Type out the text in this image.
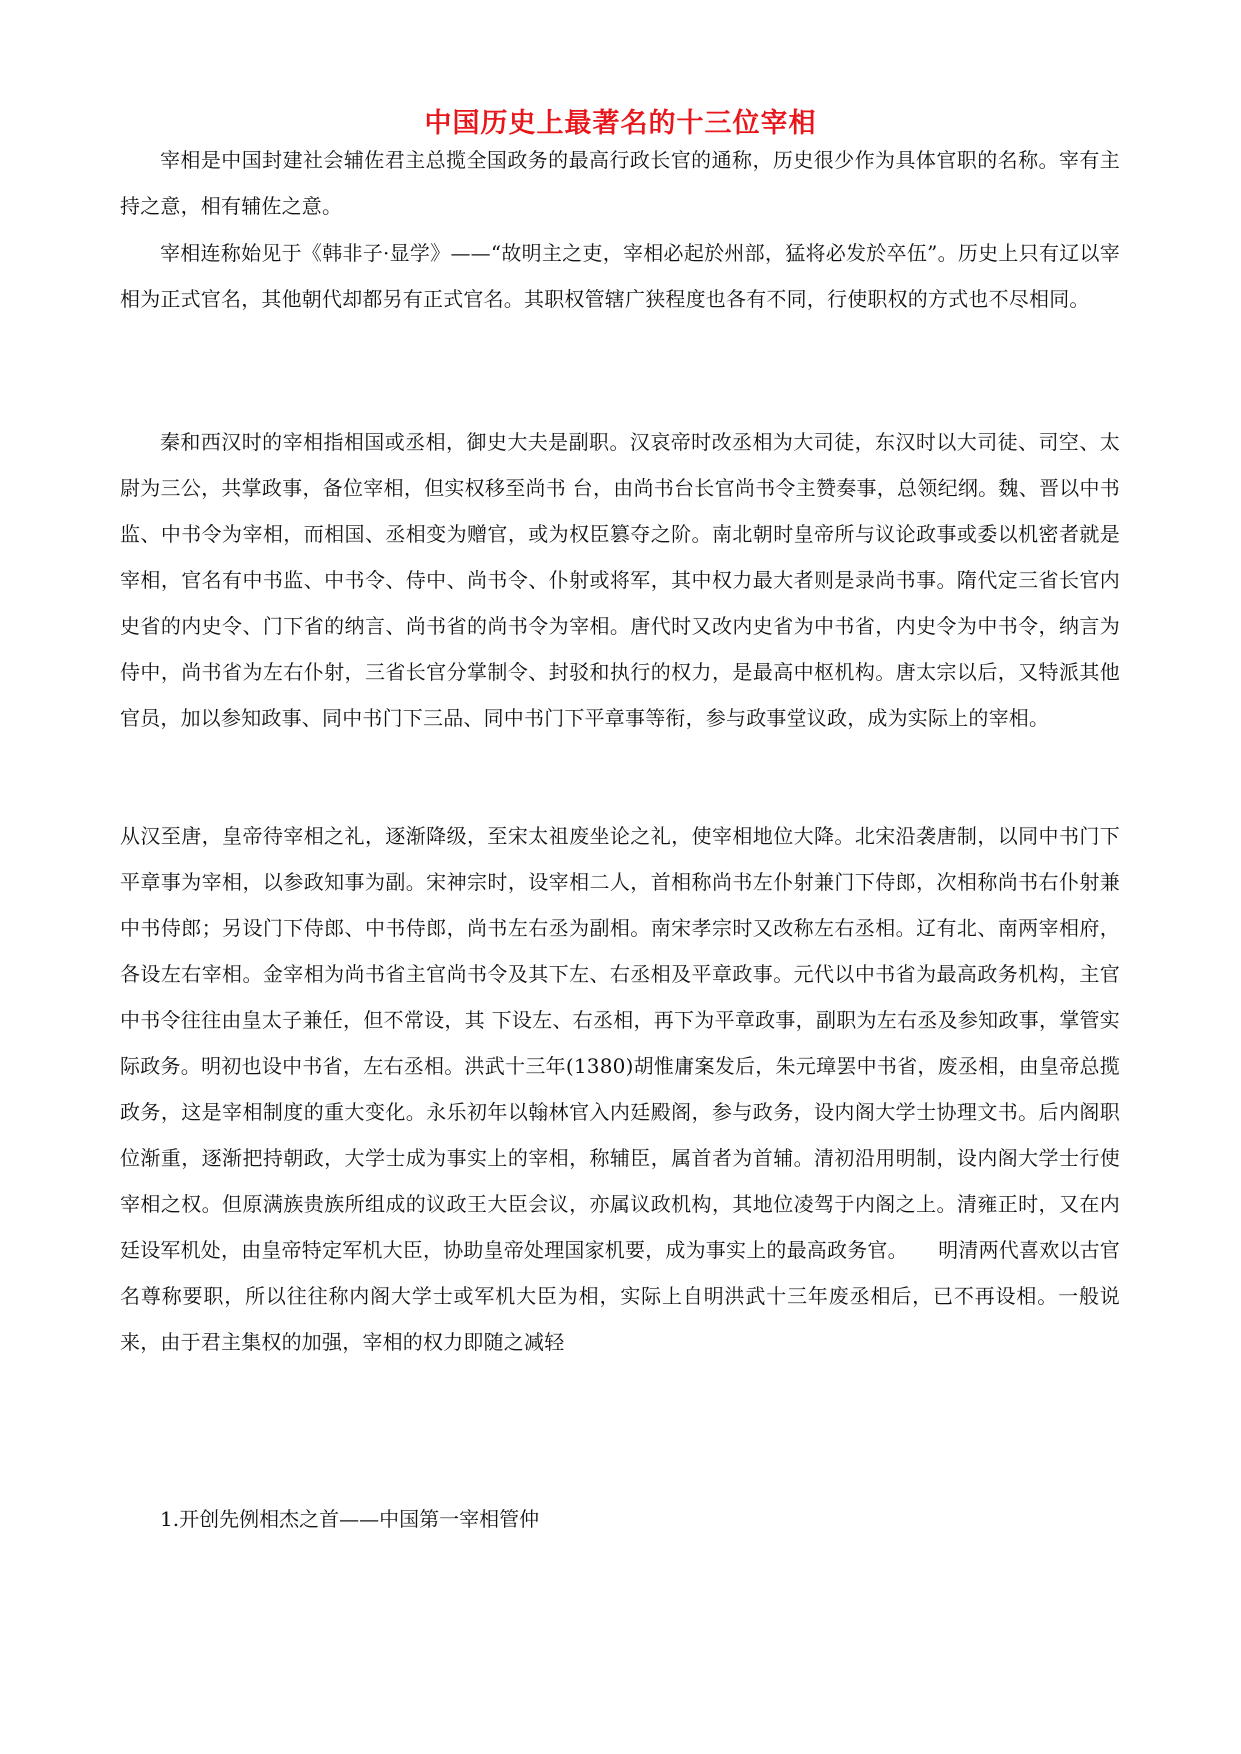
中国历史上最著名的十三位宰相

宰相是中国封建社会辅佐君主总揽全国政务的最高行政长官的通称，历史很少作为具体官职的名称。宰有主持之意，相有辅佐之意。

宰相连称始见于《韩非子·显学》——“故明主之吏，宰相必起於州部，猛将必发於卒伍”。历史上只有辽以宰相为正式官名，其他朝代却都另有正式官名。其职权管辖广狭程度也各有不同，行使职权的方式也不尽相同。

秦和西汉时的宰相指相国或丞相，御史大夫是副职。汉哀帝时改丞相为大司徒，东汉时以大司徒、司空、太尉为三公，共掌政事，备位宰相，但实权移至尚书 台，由尚书台长官尚书令主赞奏事，总领纪纲。魏、晋以中书监、中书令为宰相，而相国、丞相变为赠官，或为权臣篡夺之阶。南北朝时皇帝所与议论政事或委以机密者就是宰相，官名有中书监、中书令、侍中、尚书令、仆射或将军，其中权力最大者则是录尚书事。隋代定三省长官内史省的内史令、门下省的纳言、尚书省的尚书令为宰相。唐代时又改内史省为中书省，内史令为中书令，纳言为侍中，尚书省为左右仆射，三省长官分掌制令、封驳和执行的权力，是最高中枢机构。唐太宗以后，又特派其他官员，加以参知政事、同中书门下三品、同中书门下平章事等衔，参与政事堂议政，成为实际上的宰相。

从汉至唐，皇帝待宰相之礼，逐渐降级，至宋太祖废坐论之礼，使宰相地位大降。北宋沿袭唐制，以同中书门下平章事为宰相，以参政知事为副。宋神宗时，设宰相二人，首相称尚书左仆射兼门下侍郎，次相称尚书右仆射兼中书侍郎；另设门下侍郎、中书侍郎，尚书左右丞为副相。南宋孝宗时又改称左右丞相。辽有北、南两宰相府，各设左右宰相。金宰相为尚书省主官尚书令及其下左、右丞相及平章政事。元代以中书省为最高政务机构，主官中书令往往由皇太子兼任，但不常设，其 下设左、右丞相，再下为平章政事，副职为左右丞及参知政事，掌管实际政务。明初也设中书省，左右丞相。洪武十三年(1380)胡惟庸案发后，朱元璋罢中书省，废丞相，由皇帝总揽政务，这是宰相制度的重大变化。永乐初年以翰林官入内廷殿阁，参与政务，设内阁大学士协理文书。后内阁职位渐重，逐渐把持朝政，大学士成为事实上的宰相，称辅臣，属首者为首辅。清初沿用明制，设内阁大学士行使宰相之权。但原满族贵族所组成的议政王大臣会议，亦属议政机构，其地位凌驾于内阁之上。清雍正时，又在内廷设军机处，由皇帝特定军机大臣，协助皇帝处理国家机要，成为事实上的最高政务官。　　明清两代喜欢以古官名尊称要职，所以往往称内阁大学士或军机大臣为相，实际上自明洪武十三年废丞相后，已不再设相。一般说来，由于君主集权的加强，宰相的权力即随之减轻

1.开创先例相杰之首——中国第一宰相管仲
